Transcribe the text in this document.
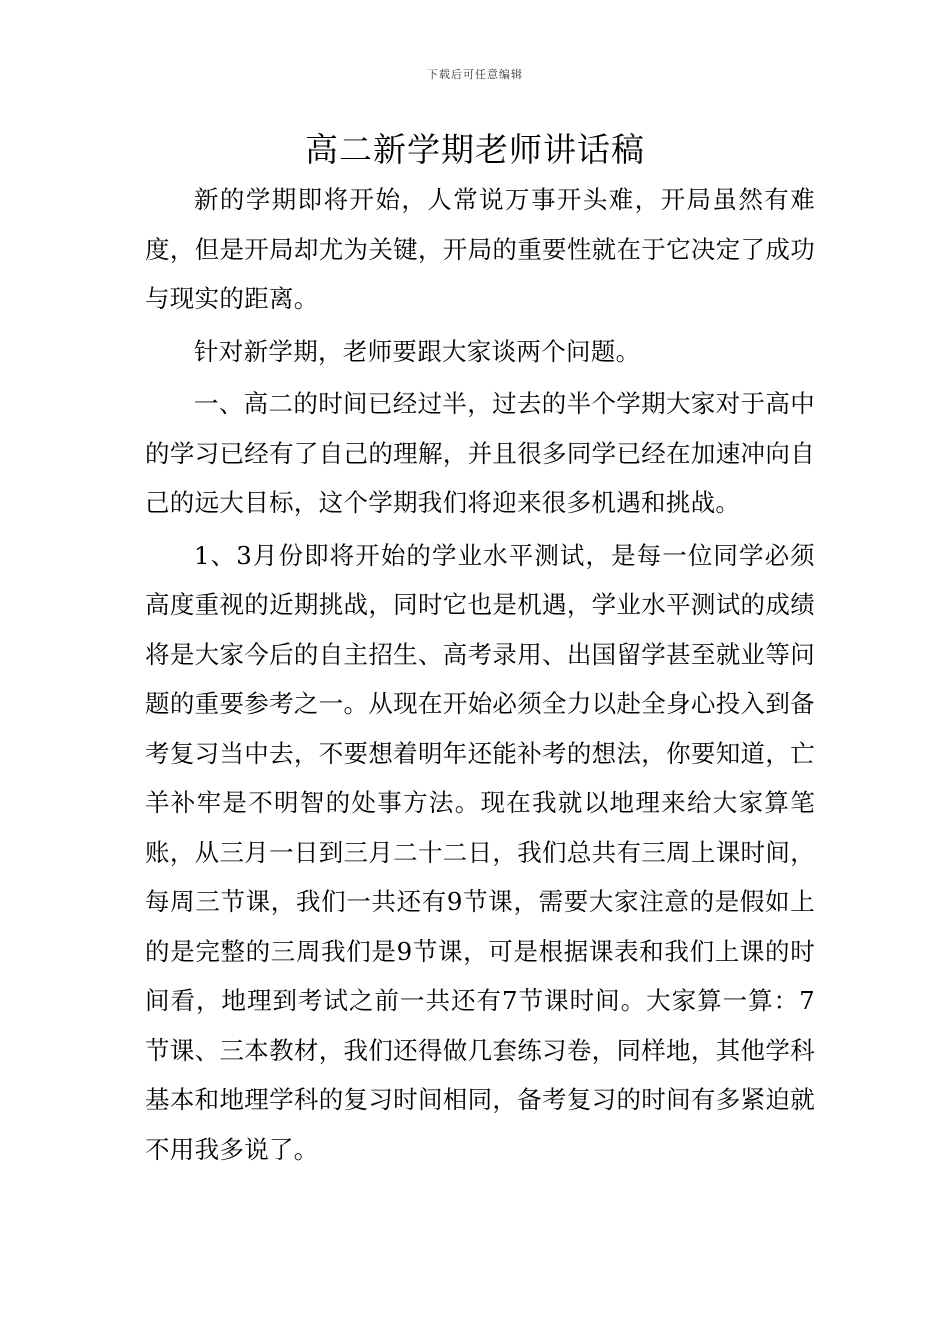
下载后可任意编辑
高二新学期老师讲话稿

新的学期即将开始，人常说万事开头难，开局虽然有难度，但是开局却尤为关键，开局的重要性就在于它决定了成功与现实的距离。

针对新学期，老师要跟大家谈两个问题。

一、高二的时间已经过半，过去的半个学期大家对于高中的学习已经有了自己的理解，并且很多同学已经在加速冲向自己的远大目标，这个学期我们将迎来很多机遇和挑战。

1、3月份即将开始的学业水平测试，是每一位同学必须高度重视的近期挑战，同时它也是机遇，学业水平测试的成绩将是大家今后的自主招生、高考录用、出国留学甚至就业等问题的重要参考之一。从现在开始必须全力以赴全身心投入到备考复习当中去，不要想着明年还能补考的想法，你要知道，亡羊补牢是不明智的处事方法。现在我就以地理来给大家算笔账，从三月一日到三月二十二日，我们总共有三周上课时间，每周三节课，我们一共还有9节课，需要大家注意的是假如上的是完整的三周我们是9节课，可是根据课表和我们上课的时间看，地理到考试之前一共还有7节课时间。大家算一算：7节课、三本教材，我们还得做几套练习卷，同样地，其他学科基本和地理学科的复习时间相同，备考复习的时间有多紧迫就不用我多说了。
